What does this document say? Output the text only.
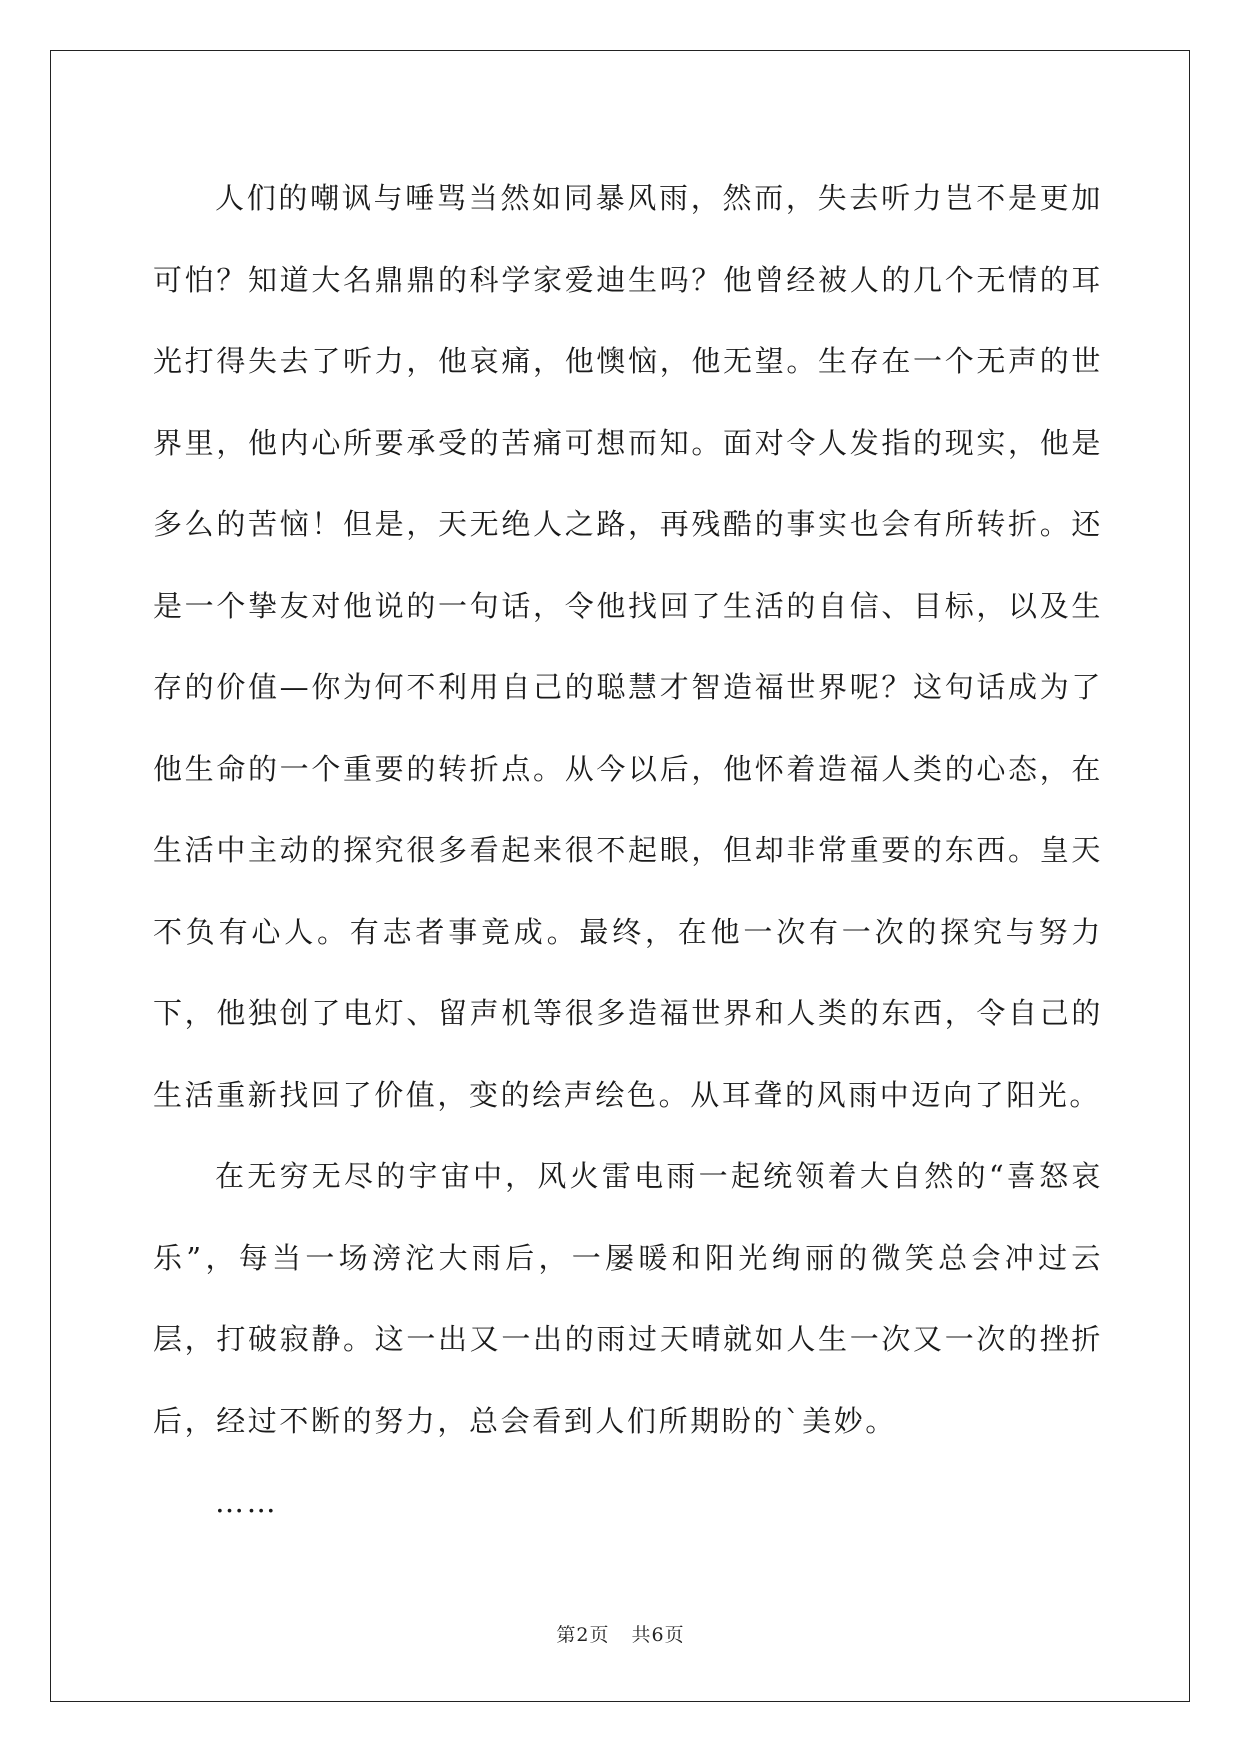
人们的嘲讽与唾骂当然如同暴风雨，然而，失去听力岂不是更加可怕？知道大名鼎鼎的科学家爱迪生吗？他曾经被人的几个无情的耳光打得失去了听力，他哀痛，他懊恼，他无望。生存在一个无声的世界里，他内心所要承受的苦痛可想而知。面对令人发指的现实，他是多么的苦恼！但是，天无绝人之路，再残酷的事实也会有所转折。还是一个挚友对他说的一句话，令他找回了生活的自信、目标，以及生存的价值—你为何不利用自己的聪慧才智造福世界呢？这句话成为了他生命的一个重要的转折点。从今以后，他怀着造福人类的心态，在生活中主动的探究很多看起来很不起眼，但却非常重要的东西。皇天不负有心人。有志者事竟成。最终，在他一次有一次的探究与努力下，他独创了电灯、留声机等很多造福世界和人类的东西，令自己的生活重新找回了价值，变的绘声绘色。从耳聋的风雨中迈向了阳光。

在无穷无尽的宇宙中，风火雷电雨一起统领着大自然的“喜怒哀乐”，每当一场滂沱大雨后，一屡暖和阳光绚丽的微笑总会冲过云层，打破寂静。这一出又一出的雨过天晴就如人生一次又一次的挫折后，经过不断的努力，总会看到人们所期盼的`美妙。

……

第2页 共6页
